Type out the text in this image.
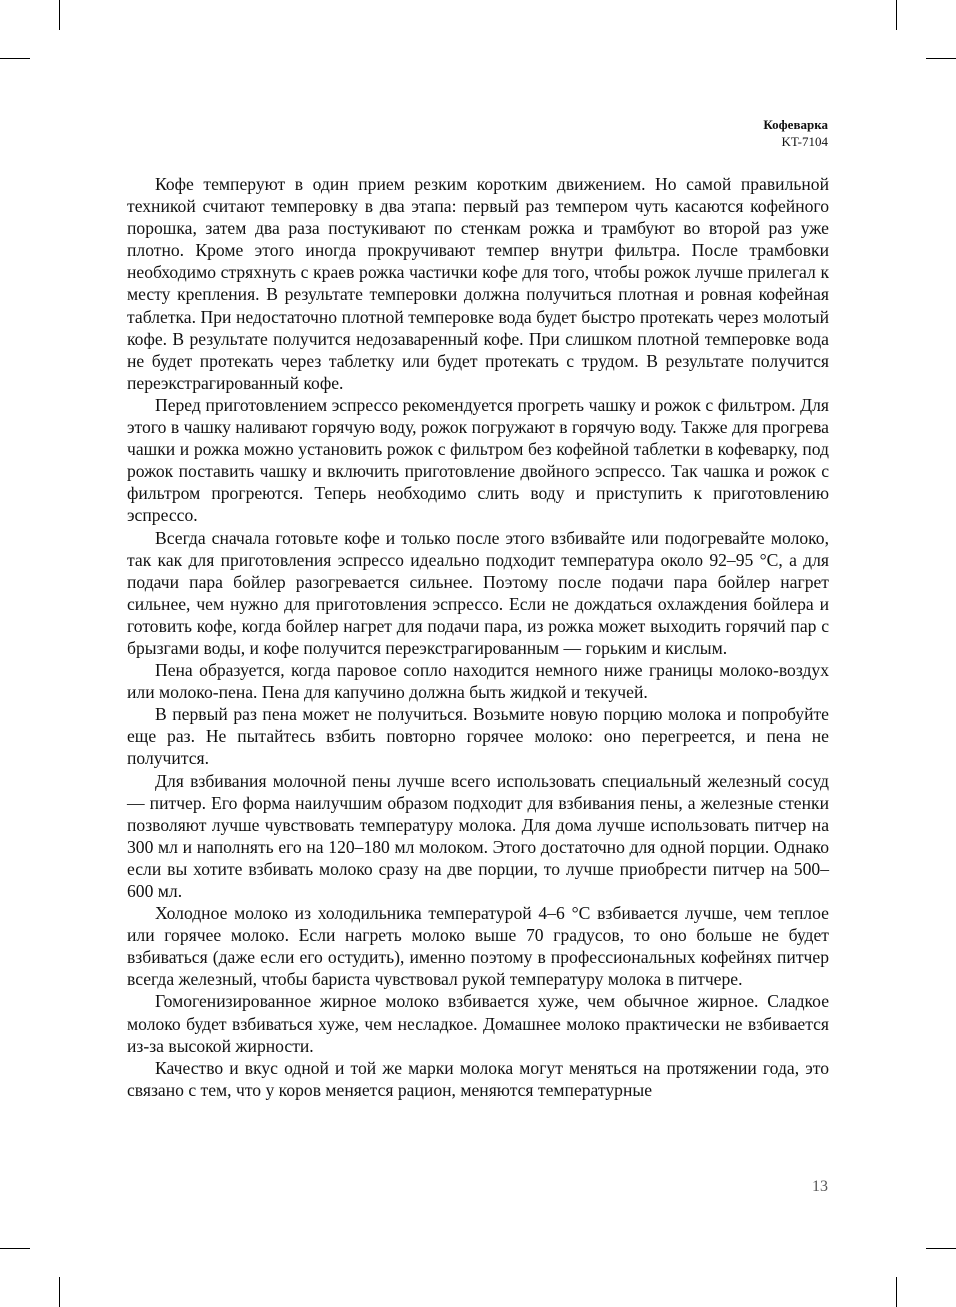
Кофеварка
KT-7104

Кофе темперуют в один прием резким коротким движением. Но самой правильной техникой считают темперовку в два этапа: первый раз темпером чуть касаются кофейного порошка, затем два раза постукивают по стенкам рожка и трамбуют во второй раз уже плотно. Кроме этого иногда прокручивают темпер внутри фильтра. После трамбовки необходимо стряхнуть с краев рожка частички кофе для того, чтобы рожок лучше прилегал к месту крепления. В результате темперовки должна получиться плотная и ровная кофейная таблетка. При недостаточно плотной темперовке вода будет быстро протекать через молотый кофе. В результате получится недозаваренный кофе. При слишком плотной темперовке вода не будет протекать через таблетку или будет протекать с трудом. В результате получится переэкстрагированный кофе.

Перед приготовлением эспрессо рекомендуется прогреть чашку и рожок с фильтром. Для этого в чашку наливают горячую воду, рожок погружают в горячую воду. Также для прогрева чашки и рожка можно установить рожок с фильтром без кофейной таблетки в кофеварку, под рожок поставить чашку и включить приготовление двойного эспрессо. Так чашка и рожок с фильтром прогреются. Теперь необходимо слить воду и приступить к приготовлению эспрессо.

Всегда сначала готовьте кофе и только после этого взбивайте или подогревайте молоко, так как для приготовления эспрессо идеально подходит температура около 92–95 °C, а для подачи пара бойлер разогревается сильнее. Поэтому после подачи пара бойлер нагрет сильнее, чем нужно для приготовления эспрессо. Если не дождаться охлаждения бойлера и готовить кофе, когда бойлер нагрет для подачи пара, из рожка может выходить горячий пар с брызгами воды, и кофе получится переэкстрагированным — горьким и кислым.

Пена образуется, когда паровое сопло находится немного ниже границы молоко-воздух или молоко-пена. Пена для капучино должна быть жидкой и текучей.

В первый раз пена может не получиться. Возьмите новую порцию молока и попробуйте еще раз. Не пытайтесь взбить повторно горячее молоко: оно перегреется, и пена не получится.

Для взбивания молочной пены лучше всего использовать специальный железный сосуд — питчер. Его форма наилучшим образом подходит для взбивания пены, а железные стенки позволяют лучше чувствовать температуру молока. Для дома лучше использовать питчер на 300 мл и наполнять его на 120–180 мл молоком. Этого достаточно для одной порции. Однако если вы хотите взбивать молоко сразу на две порции, то лучше приобрести питчер на 500–600 мл.

Холодное молоко из холодильника температурой 4–6 °C взбивается лучше, чем теплое или горячее молоко. Если нагреть молоко выше 70 градусов, то оно больше не будет взбиваться (даже если его остудить), именно поэтому в профессиональных кофейнях питчер всегда железный, чтобы бариста чувствовал рукой температуру молока в питчере.

Гомогенизированное жирное молоко взбивается хуже, чем обычное жирное. Сладкое молоко будет взбиваться хуже, чем несладкое. Домашнее молоко практически не взбивается из-за высокой жирности.

Качество и вкус одной и той же марки молока могут меняться на протяжении года, это связано с тем, что у коров меняется рацион, меняются температурные

13
